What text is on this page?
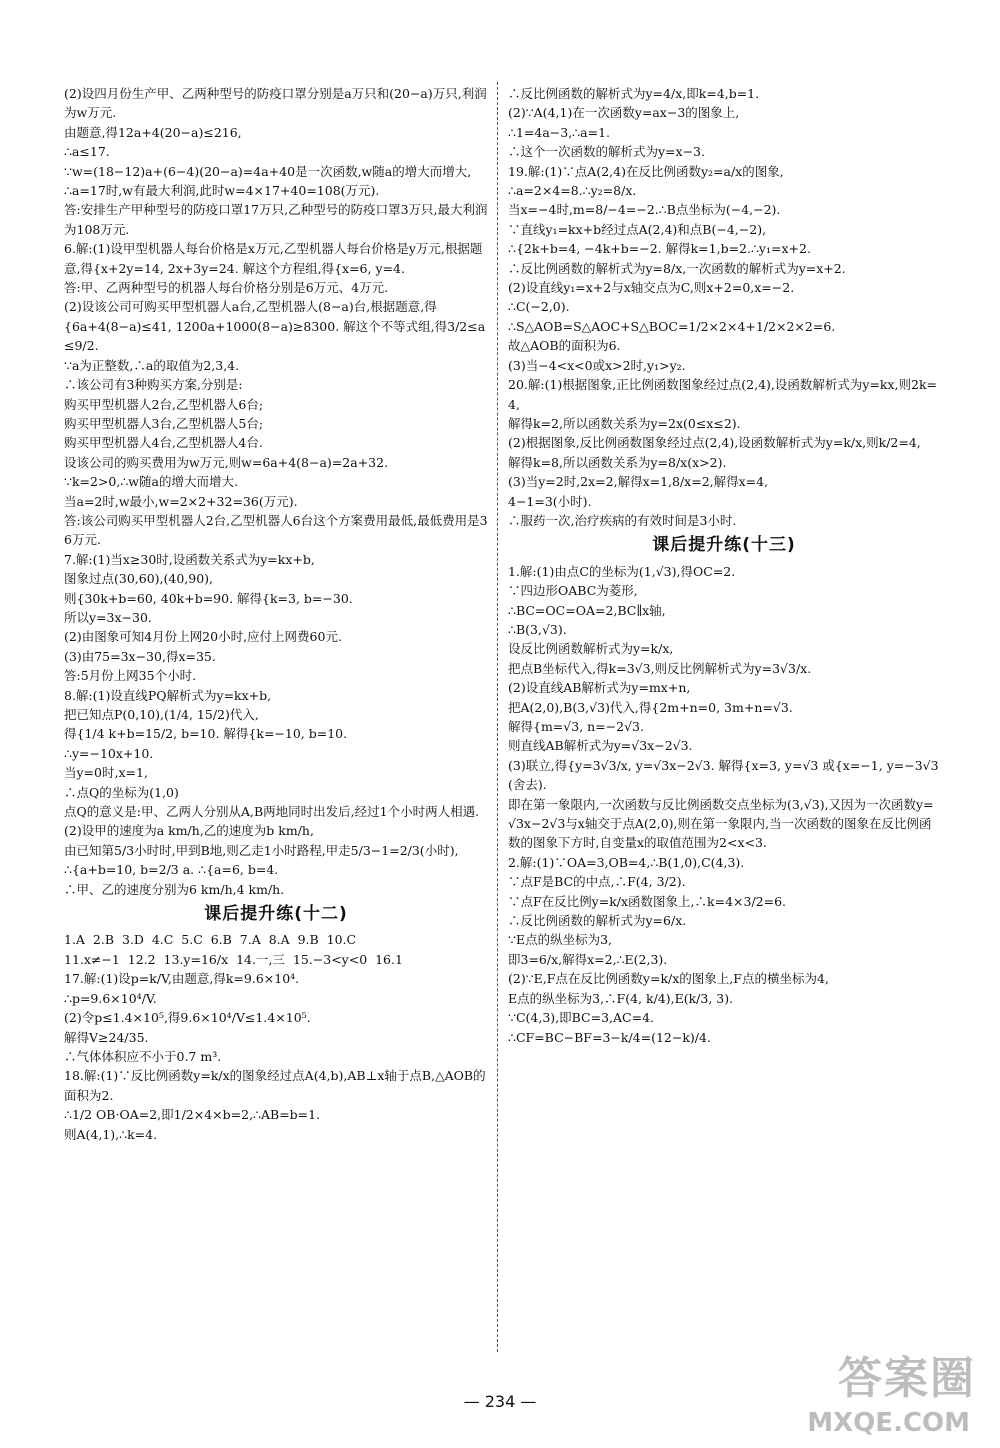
(2)设四月份生产甲、乙两种型号的防疫口罩分别是a万只和(20−a)万只,利润为w万元.
由题意,得12a+4(20−a)≤216,
∴a≤17.
∵w=(18−12)a+(6−4)(20−a)=4a+40是一次函数,w随a的增大而增大,
∴a=17时,w有最大利润,此时w=4×17+40=108(万元).
答:安排生产甲种型号的防疫口罩17万只,乙种型号的防疫口罩3万只,最大利润为108万元.
6.解:(1)设甲型机器人每台价格是x万元,乙型机器人每台价格是y万元,根据题意,得{x+2y=14, 2x+3y=24. 解这个方程组,得{x=6, y=4.
答:甲、乙两种型号的机器人每台价格分别是6万元、4万元.
(2)设该公司可购买甲型机器人a台,乙型机器人(8−a)台,根据题意,得
{6a+4(8−a)≤41, 1200a+1000(8−a)≥8300. 解这个不等式组,得3/2≤a≤9/2.
∵a为正整数,∴a的取值为2,3,4.
∴该公司有3种购买方案,分别是:
购买甲型机器人2台,乙型机器人6台;
购买甲型机器人3台,乙型机器人5台;
购买甲型机器人4台,乙型机器人4台.
设该公司的购买费用为w万元,则w=6a+4(8−a)=2a+32.
∵k=2>0,∴w随a的增大而增大.
当a=2时,w最小,w=2×2+32=36(万元).
答:该公司购买甲型机器人2台,乙型机器人6台这个方案费用最低,最低费用是36万元.
7.解:(1)当x≥30时,设函数关系式为y=kx+b,
图象过点(30,60),(40,90),
则{30k+b=60, 40k+b=90. 解得{k=3, b=−30.
所以y=3x−30.
(2)由图象可知4月份上网20小时,应付上网费60元.
(3)由75=3x−30,得x=35.
答:5月份上网35个小时.
8.解:(1)设直线PQ解析式为y=kx+b,
把已知点P(0,10),(1/4, 15/2)代入,
得{1/4 k+b=15/2, b=10. 解得{k=−10, b=10.
∴y=−10x+10.
当y=0时,x=1,
∴点Q的坐标为(1,0)
点Q的意义是:甲、乙两人分别从A,B两地同时出发后,经过1个小时两人相遇.
(2)设甲的速度为a km/h,乙的速度为b km/h,
由已知第5/3小时时,甲到B地,则乙走1小时路程,甲走5/3−1=2/3(小时),
∴{a+b=10, b=2/3 a. ∴{a=6, b=4.
∴甲、乙的速度分别为6 km/h,4 km/h.
课后提升练(十二)
1.A  2.B  3.D  4.C  5.C  6.B  7.A  8.A  9.B  10.C
11.x≠−1  12.2  13.y=16/x  14.一,三  15.−3<y<0  16.1
17.解:(1)设p=k/V,由题意,得k=9.6×10⁴.
∴p=9.6×10⁴/V.
(2)令p≤1.4×10⁵,得9.6×10⁴/V≤1.4×10⁵.
解得V≥24/35.
∴气体体积应不小于0.7 m³.
18.解:(1)∵反比例函数y=k/x的图象经过点A(4,b),AB⊥x轴于点B,△AOB的面积为2.
∴1/2 OB·OA=2,即1/2×4×b=2,∴AB=b=1.
则A(4,1),∴k=4.
∴反比例函数的解析式为y=4/x,即k=4,b=1.
(2)∵A(4,1)在一次函数y=ax−3的图象上,
∴1=4a−3,∴a=1.
∴这个一次函数的解析式为y=x−3.
19.解:(1)∵点A(2,4)在反比例函数y₂=a/x的图象,
∴a=2×4=8.∴y₂=8/x.
当x=−4时,m=8/−4=−2.∴B点坐标为(−4,−2).
∵直线y₁=kx+b经过点A(2,4)和点B(−4,−2),
∴{2k+b=4, −4k+b=−2. 解得k=1,b=2.∴y₁=x+2.
∴反比例函数的解析式为y=8/x,一次函数的解析式为y=x+2.
(2)设直线y₁=x+2与x轴交点为C,则x+2=0,x=−2.
∴C(−2,0).
∴S△AOB=S△AOC+S△BOC=1/2×2×4+1/2×2×2=6.
故△AOB的面积为6.
(3)当−4<x<0或x>2时,y₁>y₂.
20.解:(1)根据图象,正比例函数图象经过点(2,4),设函数解析式为y=kx,则2k=4,
解得k=2,所以函数关系为y=2x(0≤x≤2).
(2)根据图象,反比例函数图象经过点(2,4),设函数解析式为y=k/x,则k/2=4,
解得k=8,所以函数关系为y=8/x(x>2).
(3)当y=2时,2x=2,解得x=1,8/x=2,解得x=4,
4−1=3(小时).
∴服药一次,治疗疾病的有效时间是3小时.
课后提升练(十三)
1.解:(1)由点C的坐标为(1,√3),得OC=2.
∵四边形OABC为菱形,
∴BC=OC=OA=2,BC∥x轴,
∴B(3,√3).
设反比例函数解析式为y=k/x,
把点B坐标代入,得k=3√3,则反比例解析式为y=3√3/x.
(2)设直线AB解析式为y=mx+n,
把A(2,0),B(3,√3)代入,得{2m+n=0, 3m+n=√3.
解得{m=√3, n=−2√3.
则直线AB解析式为y=√3x−2√3.
(3)联立,得{y=3√3/x, y=√3x−2√3. 解得{x=3, y=√3 或{x=−1, y=−3√3(舍去).
即在第一象限内,一次函数与反比例函数交点坐标为(3,√3),又因为一次函数y=√3x−2√3与x轴交于点A(2,0),则在第一象限内,当一次函数的图象在反比例函数的图象下方时,自变量x的取值范围为2<x<3.
2.解:(1)∵OA=3,OB=4,∴B(1,0),C(4,3).
∵点F是BC的中点,∴F(4, 3/2).
∵点F在反比例y=k/x函数图象上,∴k=4×3/2=6.
∴反比例函数的解析式为y=6/x.
∵E点的纵坐标为3,
即3=6/x,解得x=2,∴E(2,3).
(2)∵E,F点在反比例函数y=k/x的图象上,F点的横坐标为4,
E点的纵坐标为3,∴F(4, k/4),E(k/3, 3).
∵C(4,3),即BC=3,AC=4.
∴CF=BC−BF=3−k/4=(12−k)/4.
— 234 —	答案圈
MXQE.COM
